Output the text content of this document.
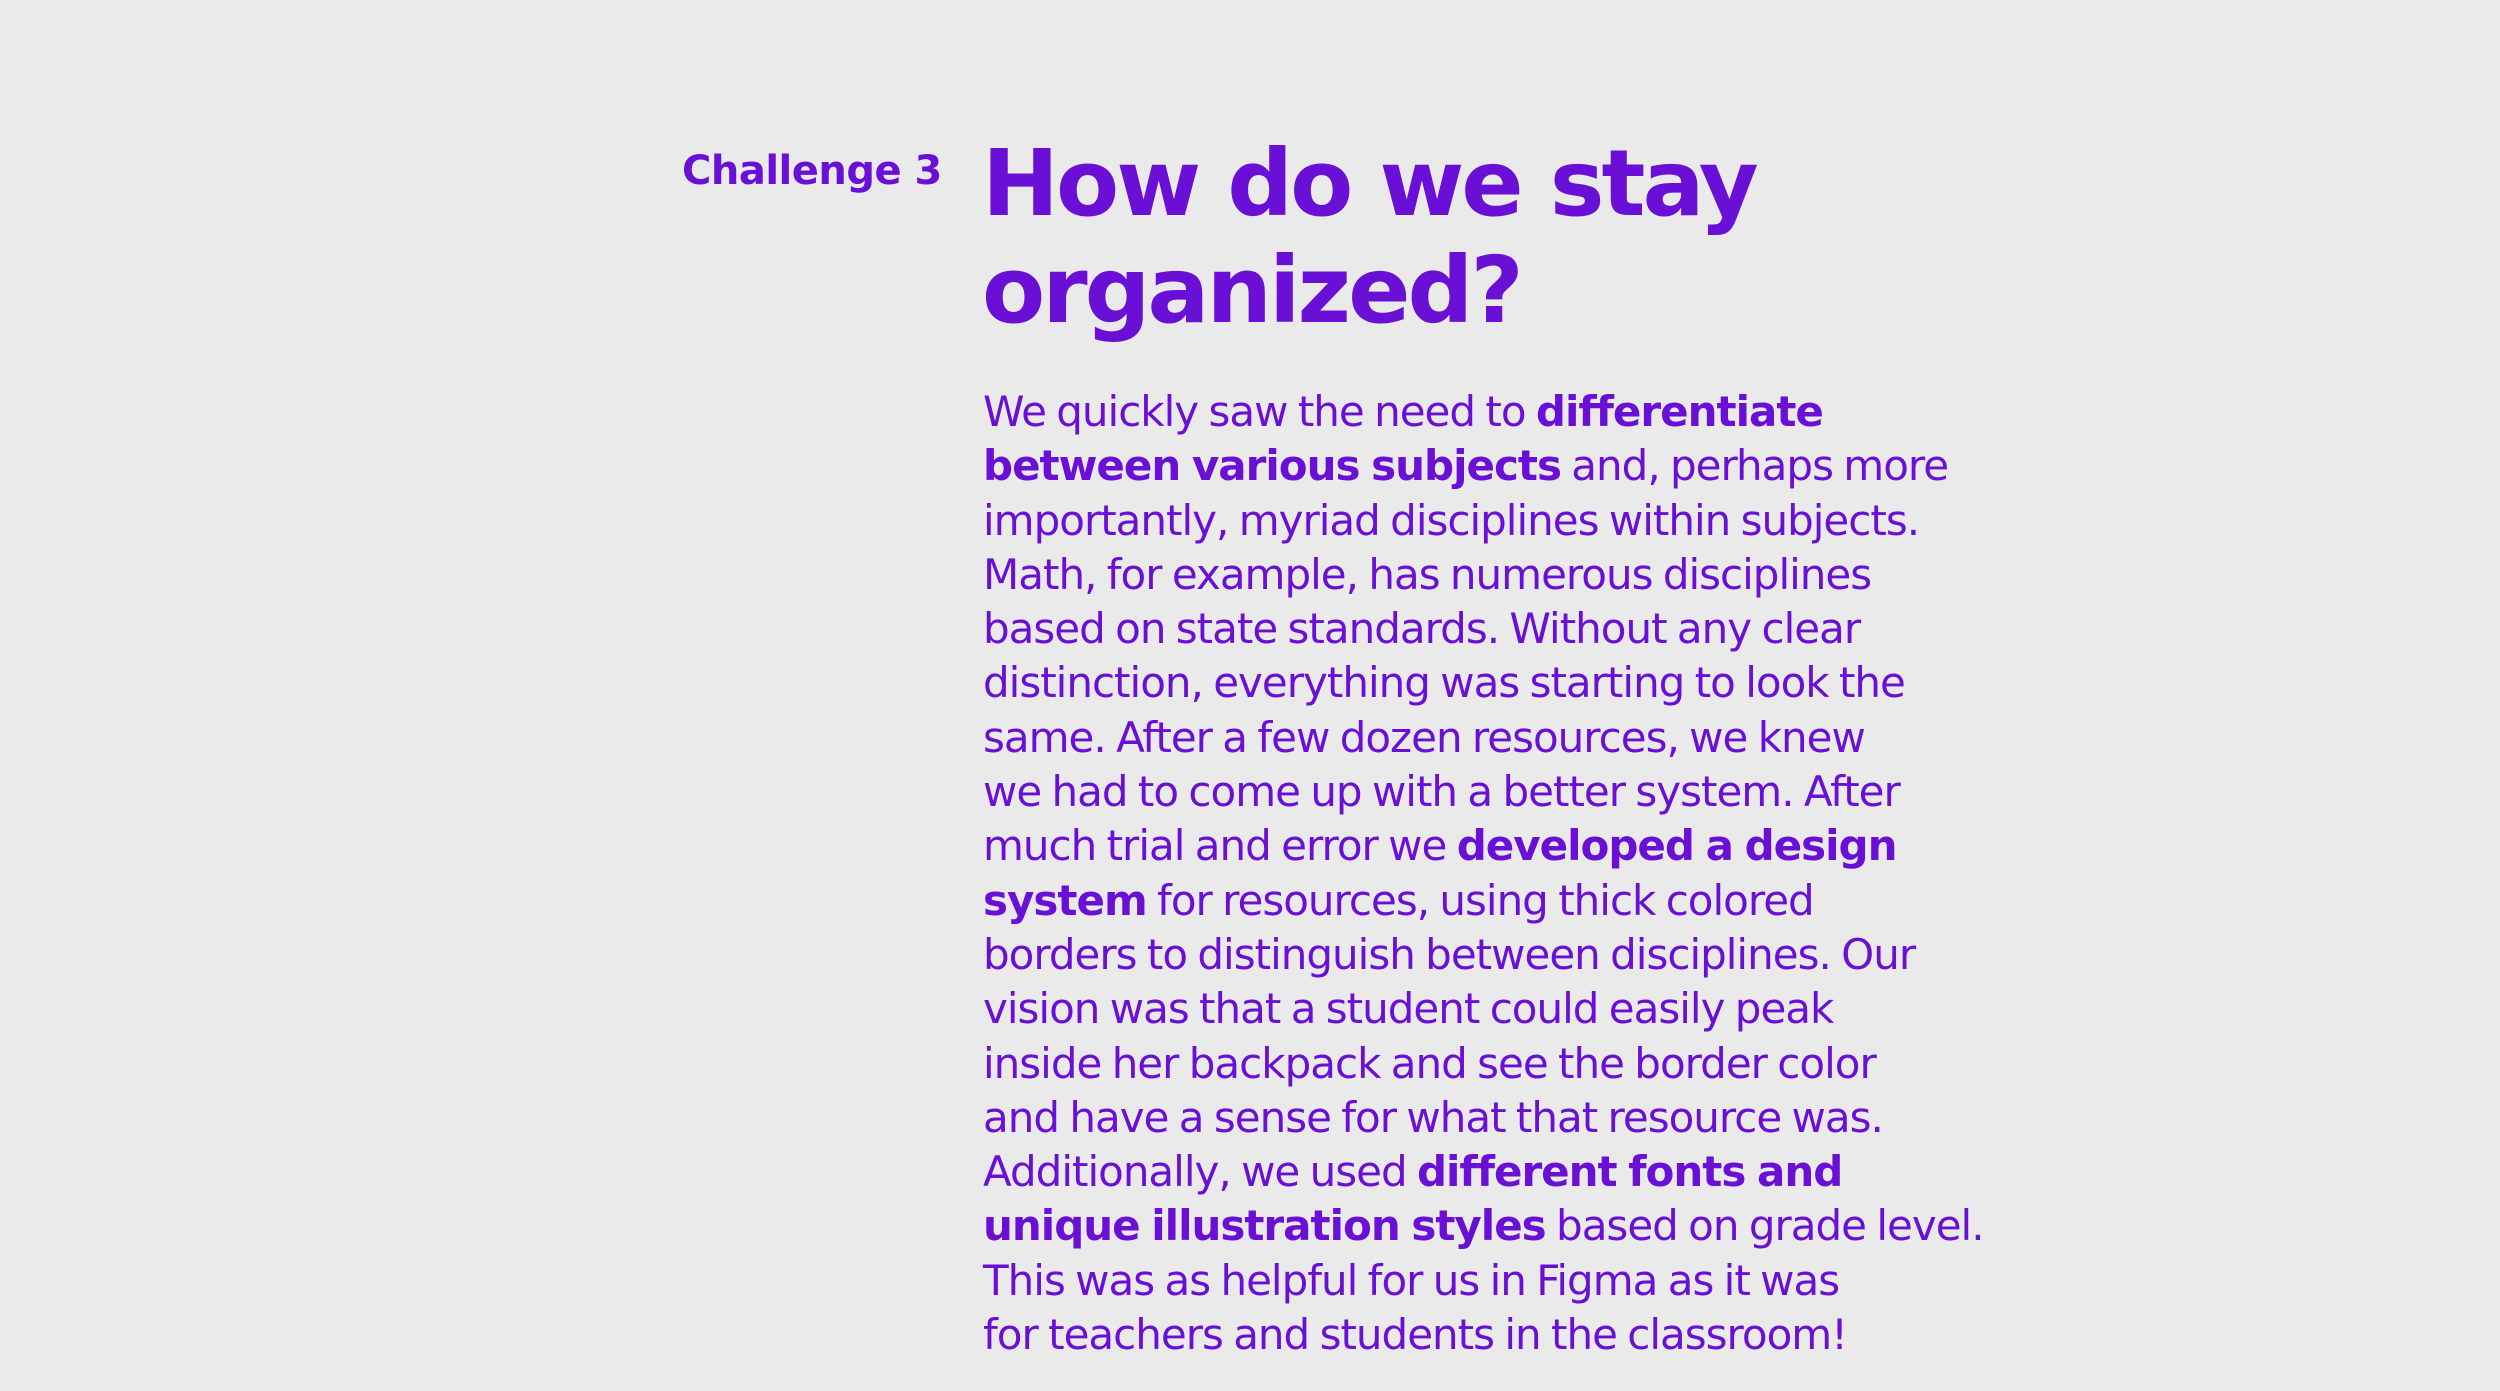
Challenge 3 How do we stay
organized?
We quickly saw the need to differentiate
between various subjects and, perhaps more
importantly, myriad disciplines within subjects.
Math, for example, has numerous disciplines
based on state standards. Without any clear
distinction, everything was starting to look the
same. After a few dozen resources, we knew
we had to come up with a better system. After
much trial and error we developed a design
system for resources, using thick colored
borders to distinguish between disciplines. Our
vision was that a student could easily peak
inside her backpack and see the border color
and have a sense for what that resource was.
Additionally, we used different fonts and
unique illustration styles based on grade level.
This was as helpful for us in Figma as it was
for teachers and students in the classroom!
